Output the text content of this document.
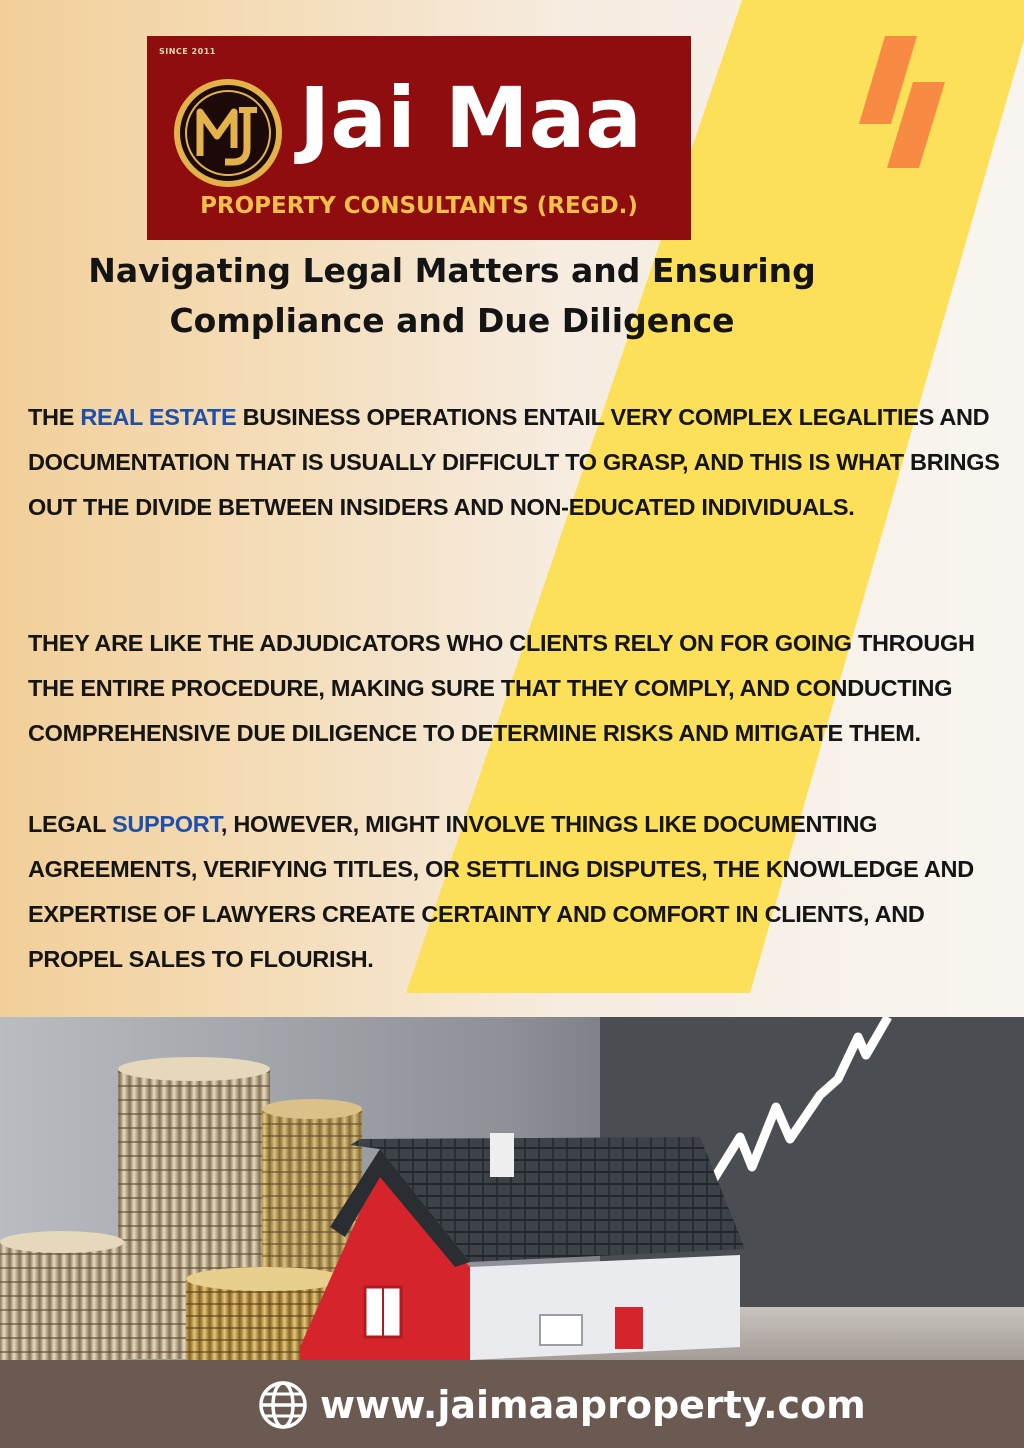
SINCE 2011
Jai Maa
PROPERTY CONSULTANTS (REGD.)
Navigating Legal Matters and Ensuring
Compliance and Due Diligence

THE REAL ESTATE BUSINESS OPERATIONS ENTAIL VERY COMPLEX LEGALITIES AND DOCUMENTATION THAT IS USUALLY DIFFICULT TO GRASP, AND THIS IS WHAT BRINGS OUT THE DIVIDE BETWEEN INSIDERS AND NON-EDUCATED INDIVIDUALS.

THEY ARE LIKE THE ADJUDICATORS WHO CLIENTS RELY ON FOR GOING THROUGH THE ENTIRE PROCEDURE, MAKING SURE THAT THEY COMPLY, AND CONDUCTING COMPREHENSIVE DUE DILIGENCE TO DETERMINE RISKS AND MITIGATE THEM.

LEGAL SUPPORT, HOWEVER, MIGHT INVOLVE THINGS LIKE DOCUMENTING AGREEMENTS, VERIFYING TITLES, OR SETTLING DISPUTES, THE KNOWLEDGE AND EXPERTISE OF LAWYERS CREATE CERTAINTY AND COMFORT IN CLIENTS, AND PROPEL SALES TO FLOURISH.

www.jaimaaproperty.com
